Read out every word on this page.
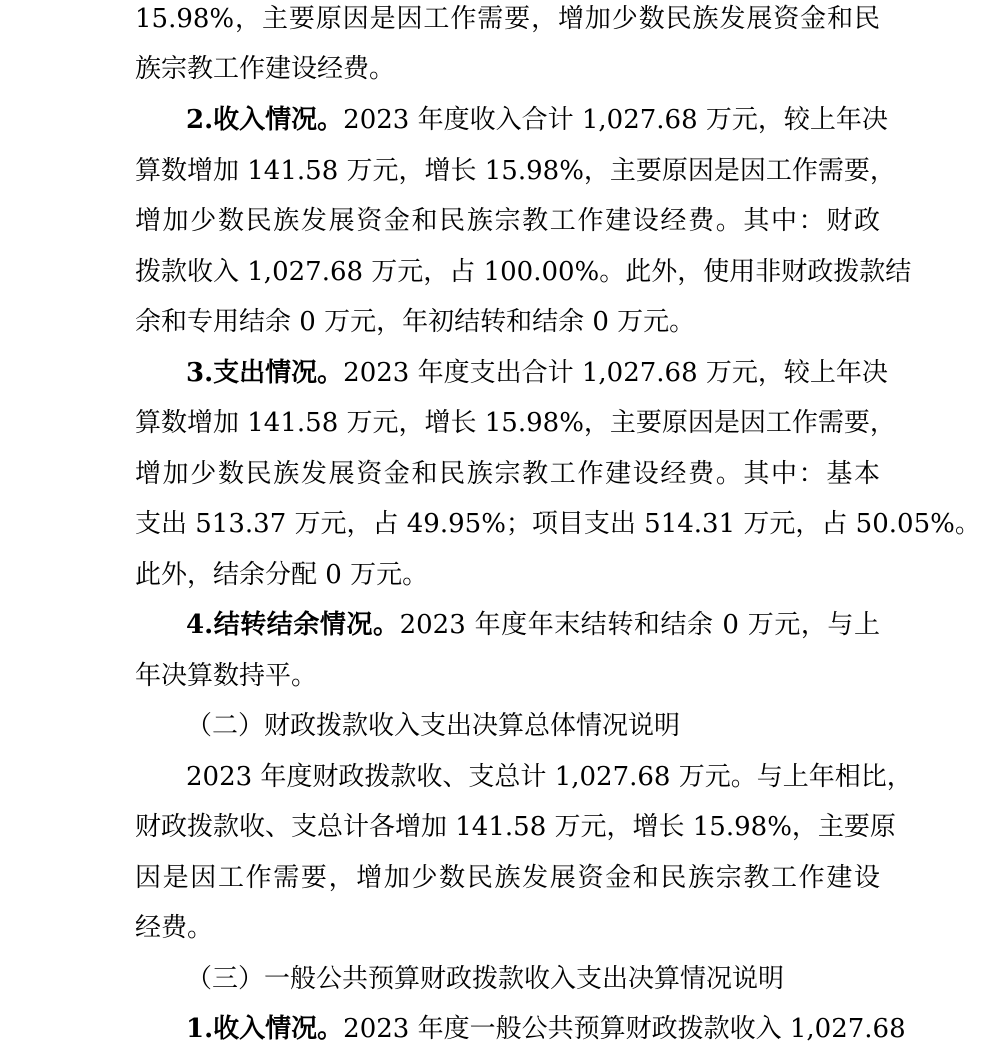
15.98%，主要原因是因工作需要，增加少数民族发展资金和民
族宗教工作建设经费。
2.收入情况。2023 年度收入合计 1,027.68 万元，较上年决
算数增加 141.58 万元，增长 15.98%，主要原因是因工作需要，
增加少数民族发展资金和民族宗教工作建设经费。其中：财政
拨款收入 1,027.68 万元，占 100.00%。此外，使用非财政拨款结
余和专用结余 0 万元，年初结转和结余 0 万元。
3.支出情况。2023 年度支出合计 1,027.68 万元，较上年决
算数增加 141.58 万元，增长 15.98%，主要原因是因工作需要，
增加少数民族发展资金和民族宗教工作建设经费。其中：基本
支出 513.37 万元，占 49.95%；项目支出 514.31 万元，占 50.05%。
此外，结余分配 0 万元。
4.结转结余情况。2023 年度年末结转和结余 0 万元，与上
年决算数持平。
（二）财政拨款收入支出决算总体情况说明
2023 年度财政拨款收、支总计 1,027.68 万元。与上年相比，
财政拨款收、支总计各增加 141.58 万元，增长 15.98%，主要原
因是因工作需要，增加少数民族发展资金和民族宗教工作建设
经费。
（三）一般公共预算财政拨款收入支出决算情况说明
1.收入情况。2023 年度一般公共预算财政拨款收入 1,027.68
